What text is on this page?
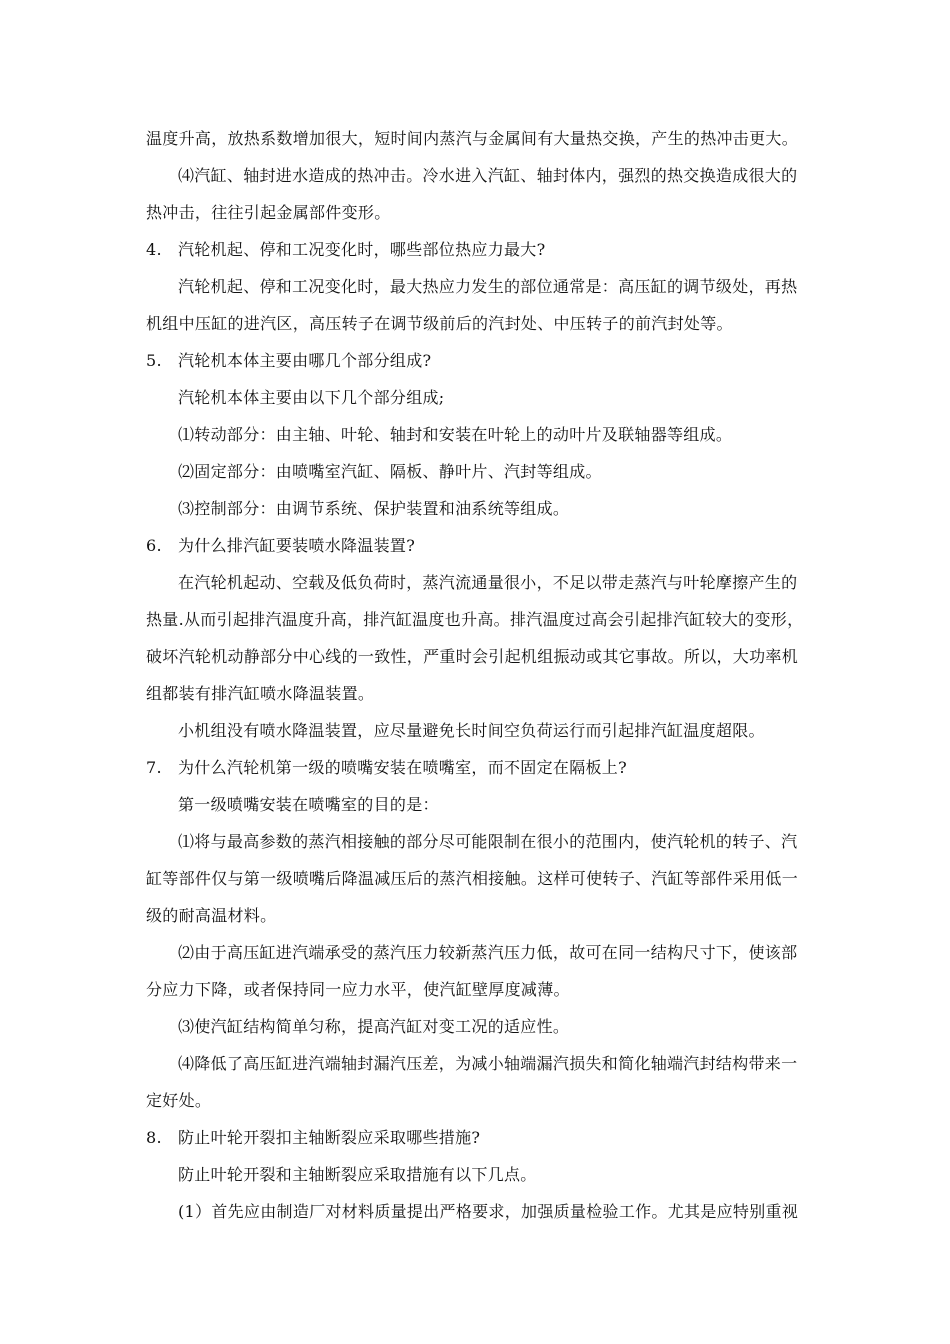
温度升高，放热系数增加很大，短时间内蒸汽与金属间有大量热交换，产生的热冲击更大。

⑷汽缸、轴封进水造成的热冲击。冷水进入汽缸、轴封体内，强烈的热交换造成很大的热冲击，往往引起金属部件变形。

4.	汽轮机起、停和工况变化时，哪些部位热应力最大?

汽轮机起、停和工况变化时，最大热应力发生的部位通常是：高压缸的调节级处，再热机组中压缸的进汽区，高压转子在调节级前后的汽封处、中压转子的前汽封处等。

5.	汽轮机本体主要由哪几个部分组成?

汽轮机本体主要由以下几个部分组成;

⑴转动部分：由主轴、叶轮、轴封和安装在叶轮上的动叶片及联轴器等组成。

⑵固定部分：由喷嘴室汽缸、隔板、静叶片、汽封等组成。

⑶控制部分：由调节系统、保护装置和油系统等组成。

6.	为什么排汽缸要装喷水降温装置?

在汽轮机起动、空载及低负荷时，蒸汽流通量很小，不足以带走蒸汽与叶轮摩擦产生的热量.从而引起排汽温度升高，排汽缸温度也升高。排汽温度过高会引起排汽缸较大的变形，破坏汽轮机动静部分中心线的一致性，严重时会引起机组振动或其它事故。所以，大功率机组都装有排汽缸喷水降温装置。

小机组没有喷水降温装置，应尽量避免长时间空负荷运行而引起排汽缸温度超限。

7.	为什么汽轮机第一级的喷嘴安装在喷嘴室，而不固定在隔板上?

第一级喷嘴安装在喷嘴室的目的是：

⑴将与最高参数的蒸汽相接触的部分尽可能限制在很小的范围内，使汽轮机的转子、汽缸等部件仅与第一级喷嘴后降温减压后的蒸汽相接触。这样可使转子、汽缸等部件采用低一级的耐高温材料。

⑵由于高压缸进汽端承受的蒸汽压力较新蒸汽压力低，故可在同一结构尺寸下，使该部分应力下降，或者保持同一应力水平，使汽缸壁厚度减薄。

⑶使汽缸结构简单匀称，提高汽缸对变工况的适应性。

⑷降低了高压缸进汽端轴封漏汽压差，为减小轴端漏汽损失和简化轴端汽封结构带来一定好处。

8.	防止叶轮开裂扣主轴断裂应采取哪些措施?

防止叶轮开裂和主轴断裂应采取措施有以下几点。

(1）首先应由制造厂对材料质量提出严格要求，加强质量检验工作。尤其是应特别重视
